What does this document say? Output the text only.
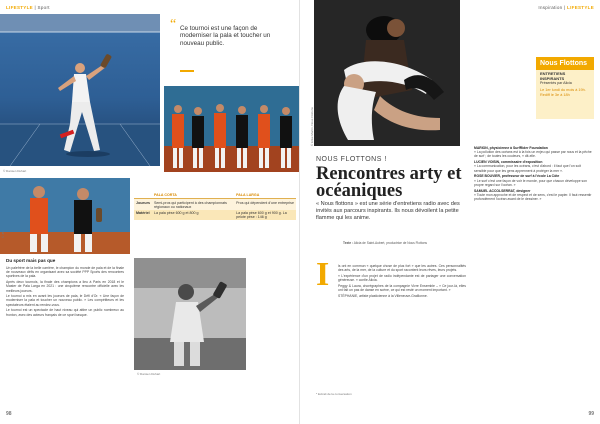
LIFESTYLE | Sport
© Damien Duhart
“ Ce tournoi est une façon de moderniser la pala et toucher un nouveau public.
© JB
	PALA CORTA	PALA LARGA
Joueurs	Semi-pros qui participent à des championnats régionaux ou nationaux	Pros qui dépendent d'une entreprise
Matériel	La pala pèse 600 g et 800 g	La pala pèse 600 g et 900 g. La pelote pèse : 146 g
Du sport mais pas que

Un palefrère de la belle carrière, le champion du monde de pala et de la finale de nouveaux défis en organisant avec sa société PPP Sports des rencontres sportives de la pala.

Après deux tournois, la finale des champions a lieu à Paris en 2018 et le Master de Pala Larga en 2021 : une cinquième rencontre officielle avec les meilleurs joueurs.

Le tournoi a mis en avant les joueurs de pala, le Défi d'Or. « Une façon de moderniser la pala et toucher un nouveau public. » Les compétiteurs et les spectateurs étaient au rendez-vous.

Le tournoi est un spectacle de haut niveau qui attire un public nombreux au fronton, avec des acteurs français de ce sport basque.

© Damien Duhart
98
Inspiration | LIFESTYLE
© Elise Martin, Nous Flottons
Nous Flottons
ENTRETIENS INSPIRANTS
Présentés par Alicia
Le 1er lundi du mois à 19h. Rediff le 3e à 18h
NOUS FLOTTONS !
Rencontres arty et océaniques
« Nous flottons » est une série d'entretiens radio avec des invités aux parcours inspirants. Ils nous dévoilent la petite flamme qui les anime.
Texte : Alicia de Saint-Aubert, productrice de Nous Flottons
I	ls ont en commun « quelque chose de plus fort » que les autres. Ces personnalités des arts, de la mer, de la culture et du sport racontent leurs rêves, leurs projets.

« L'expérience d'un projet de radio indépendante est de partager une conversation généreuse. » confie Alicia.

Peggy & Laura, chorégraphes de la compagnie Vivre Ensemble – « Ce jour-là, elles ont fait un pas de danse en scène, ce qui est resté un moment important. »

STÉPHANIE, artiste plasticienne à la Villeneuve-Graillonne.

* Extrait de la conversation

MARION, physicienne à SurfRider Foundation
« La pollution des océans est à la fois un enjeu qui passe par nous et la pêche de surf ; de toutes les couleurs, » dit-elle.

LUCIEN VOISIN, commissaire d'exposition
« La communication, pour les océans, c'est d'abord : il faut que l'on soit sensible pour que les gens apprennent à protéger la mer ».

ROSE BOUVIER, professeur de surf à l'école La Côte
« Le surf c'est une façon de voir le monde, pour que chacun développe son propre regard sur l'océan. »

SAMUEL ACCOLSERRAT, designer
« Toute mon approche et de respect et de sens, c'est le papier. Il faut ressentir profondément l'océan avant de le dessiner. »

99
